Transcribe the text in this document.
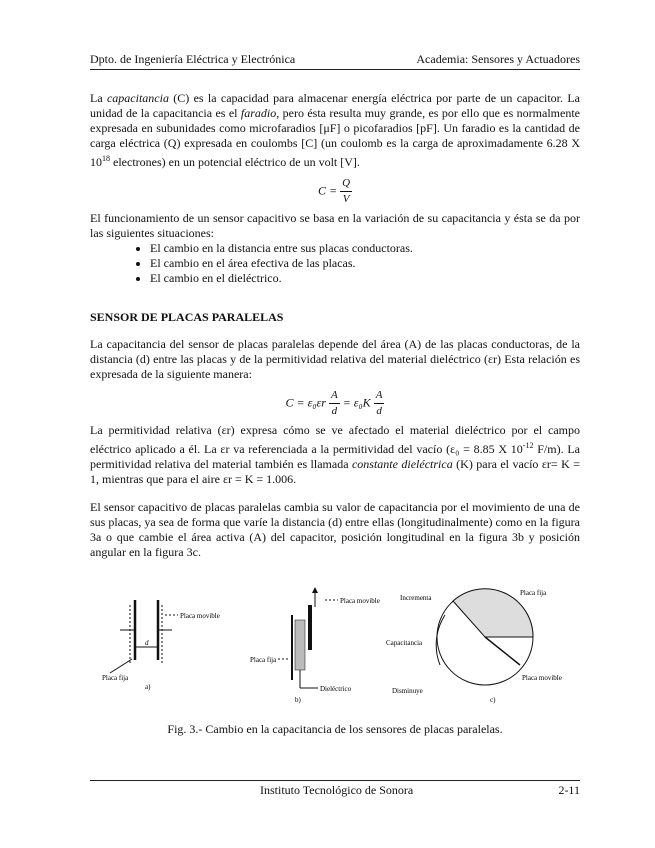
Dpto. de Ingeniería Eléctrica y Electrónica	Academia: Sensores y Actuadores

La capacitancia (C) es la capacidad para almacenar energía eléctrica por parte de un capacitor. La unidad de la capacitancia es el faradio, pero ésta resulta muy grande, es por ello que es normalmente expresada en subunidades como microfaradios [μF] o picofaradios [pF]. Un faradio es la cantidad de carga eléctrica (Q) expresada en coulombs [C] (un coulomb es la carga de aproximadamente 6.28 X $10^{18}$ electrones) en un potencial eléctrico de un volt [V].

$C = \frac{Q}{V}$

El funcionamiento de un sensor capacitivo se basa en la variación de su capacitancia y ésta se da por las siguientes situaciones:

• El cambio en la distancia entre sus placas conductoras.
• El cambio en el área efectiva de las placas.
• El cambio en el dieléctrico.
SENSOR DE PLACAS PARALELAS

La capacitancia del sensor de placas paralelas depende del área (A) de las placas conductoras, de la distancia (d) entre las placas y de la permitividad relativa del material dieléctrico (εr) Esta relación es expresada de la siguiente manera:

$C = \varepsilon_0\varepsilon r \frac{A}{d} = \varepsilon_0K \frac{A}{d}$

La permitividad relativa (εr) expresa cómo se ve afectado el material dieléctrico por el campo eléctrico aplicado a él. La εr va referenciada a la permitividad del vacío (ε₀ = 8.85 X $10^{-12}$ F/m). La permitividad relativa del material también es llamada constante dieléctrica (K) para el vacío εr= K = 1, mientras que para el aire εr = K = 1.006.

El sensor capacitivo de placas paralelas cambia su valor de capacitancia por el movimiento de una de sus placas, ya sea de forma que varíe la distancia (d) entre ellas (longitudinalmente) como en la figura 3a o que cambie el área activa (A) del capacitor, posición longitudinal en la figura 3b y posición angular en la figura 3c.

Placa movible
d
Placa fija
a)
Placa movible
Placa fija
Dieléctrico
b)
Incrementa
Placa fija
Capacitancia
Disminuye
Placa movible
c)
Fig. 3.- Cambio en la capacitancia de los sensores de placas paralelas.
Instituto Tecnológico de Sonora	2-11
